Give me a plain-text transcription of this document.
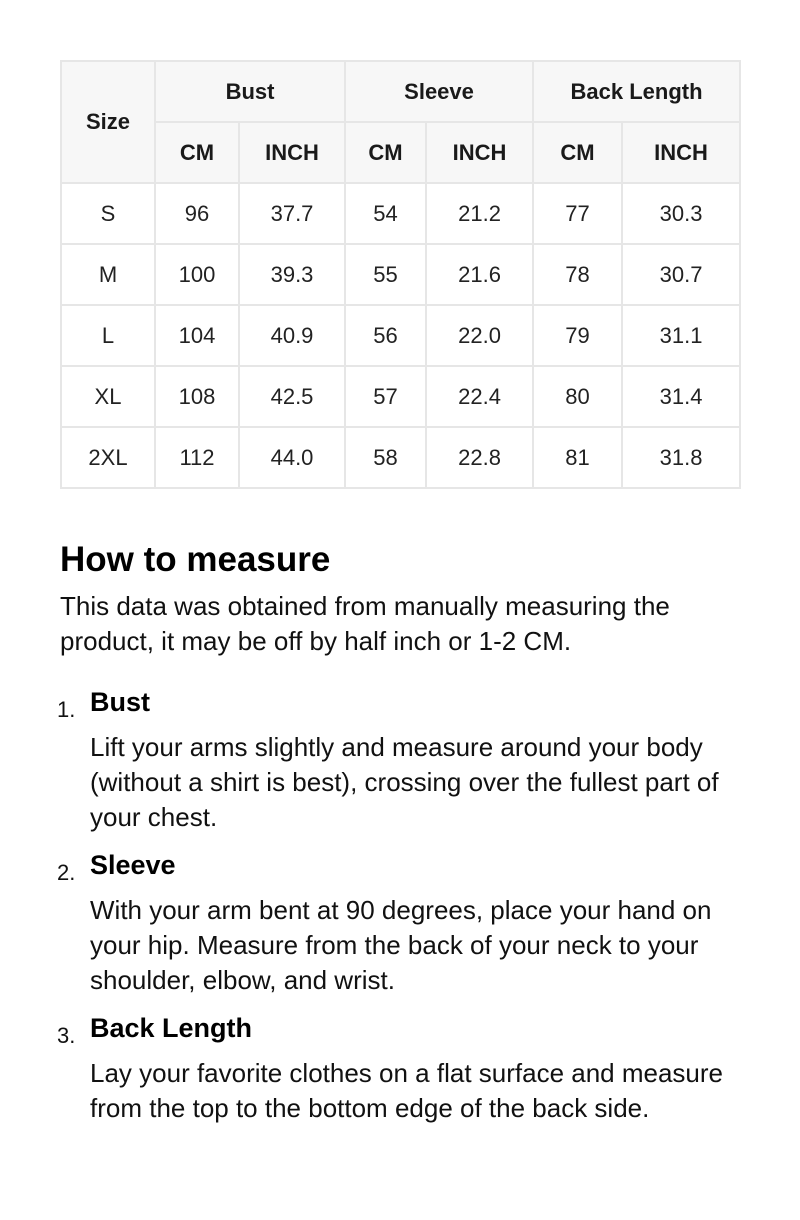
Size	Bust		Sleeve		Back Length	
	CM	INCH	CM	INCH	CM	INCH
S	96	37.7	54	21.2	77	30.3
M	100	39.3	55	21.6	78	30.7
L	104	40.9	56	22.0	79	31.1
XL	108	42.5	57	22.4	80	31.4
2XL	112	44.0	58	22.8	81	31.8
How to measure

This data was obtained from manually measuring the product, it may be off by half inch or 1-2 CM.

1. Bust
Lift your arms slightly and measure around your body (without a shirt is best), crossing over the fullest part of your chest.
2. Sleeve
With your arm bent at 90 degrees, place your hand on your hip. Measure from the back of your neck to your shoulder, elbow, and wrist.
3. Back Length
Lay your favorite clothes on a flat surface and measure from the top to the bottom edge of the back side.
